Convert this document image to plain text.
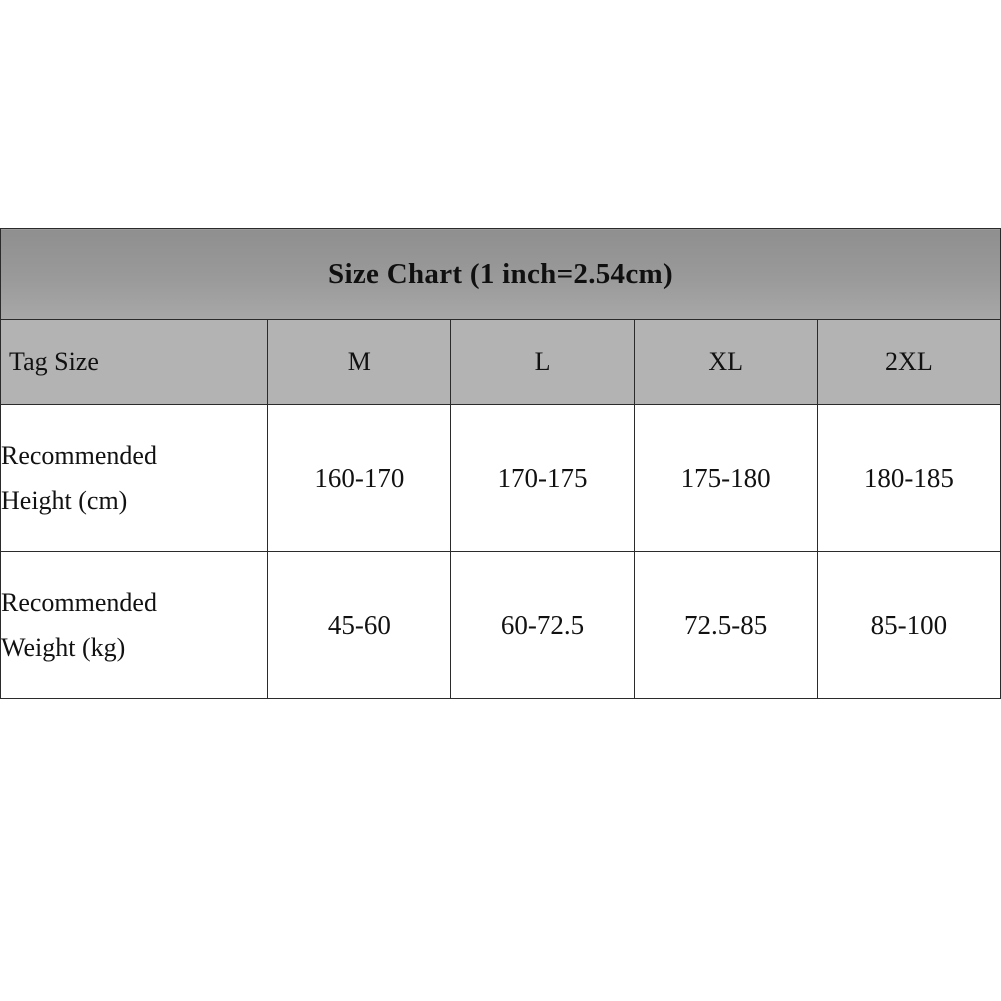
Size Chart (1 inch=2.54cm)				
Tag Size	M	L	XL	2XL

Recommended
Height (cm)	160-170	170-175	175-180	180-185

Recommended
Weight (kg)	45-60	60-72.5	72.5-85	85-100
